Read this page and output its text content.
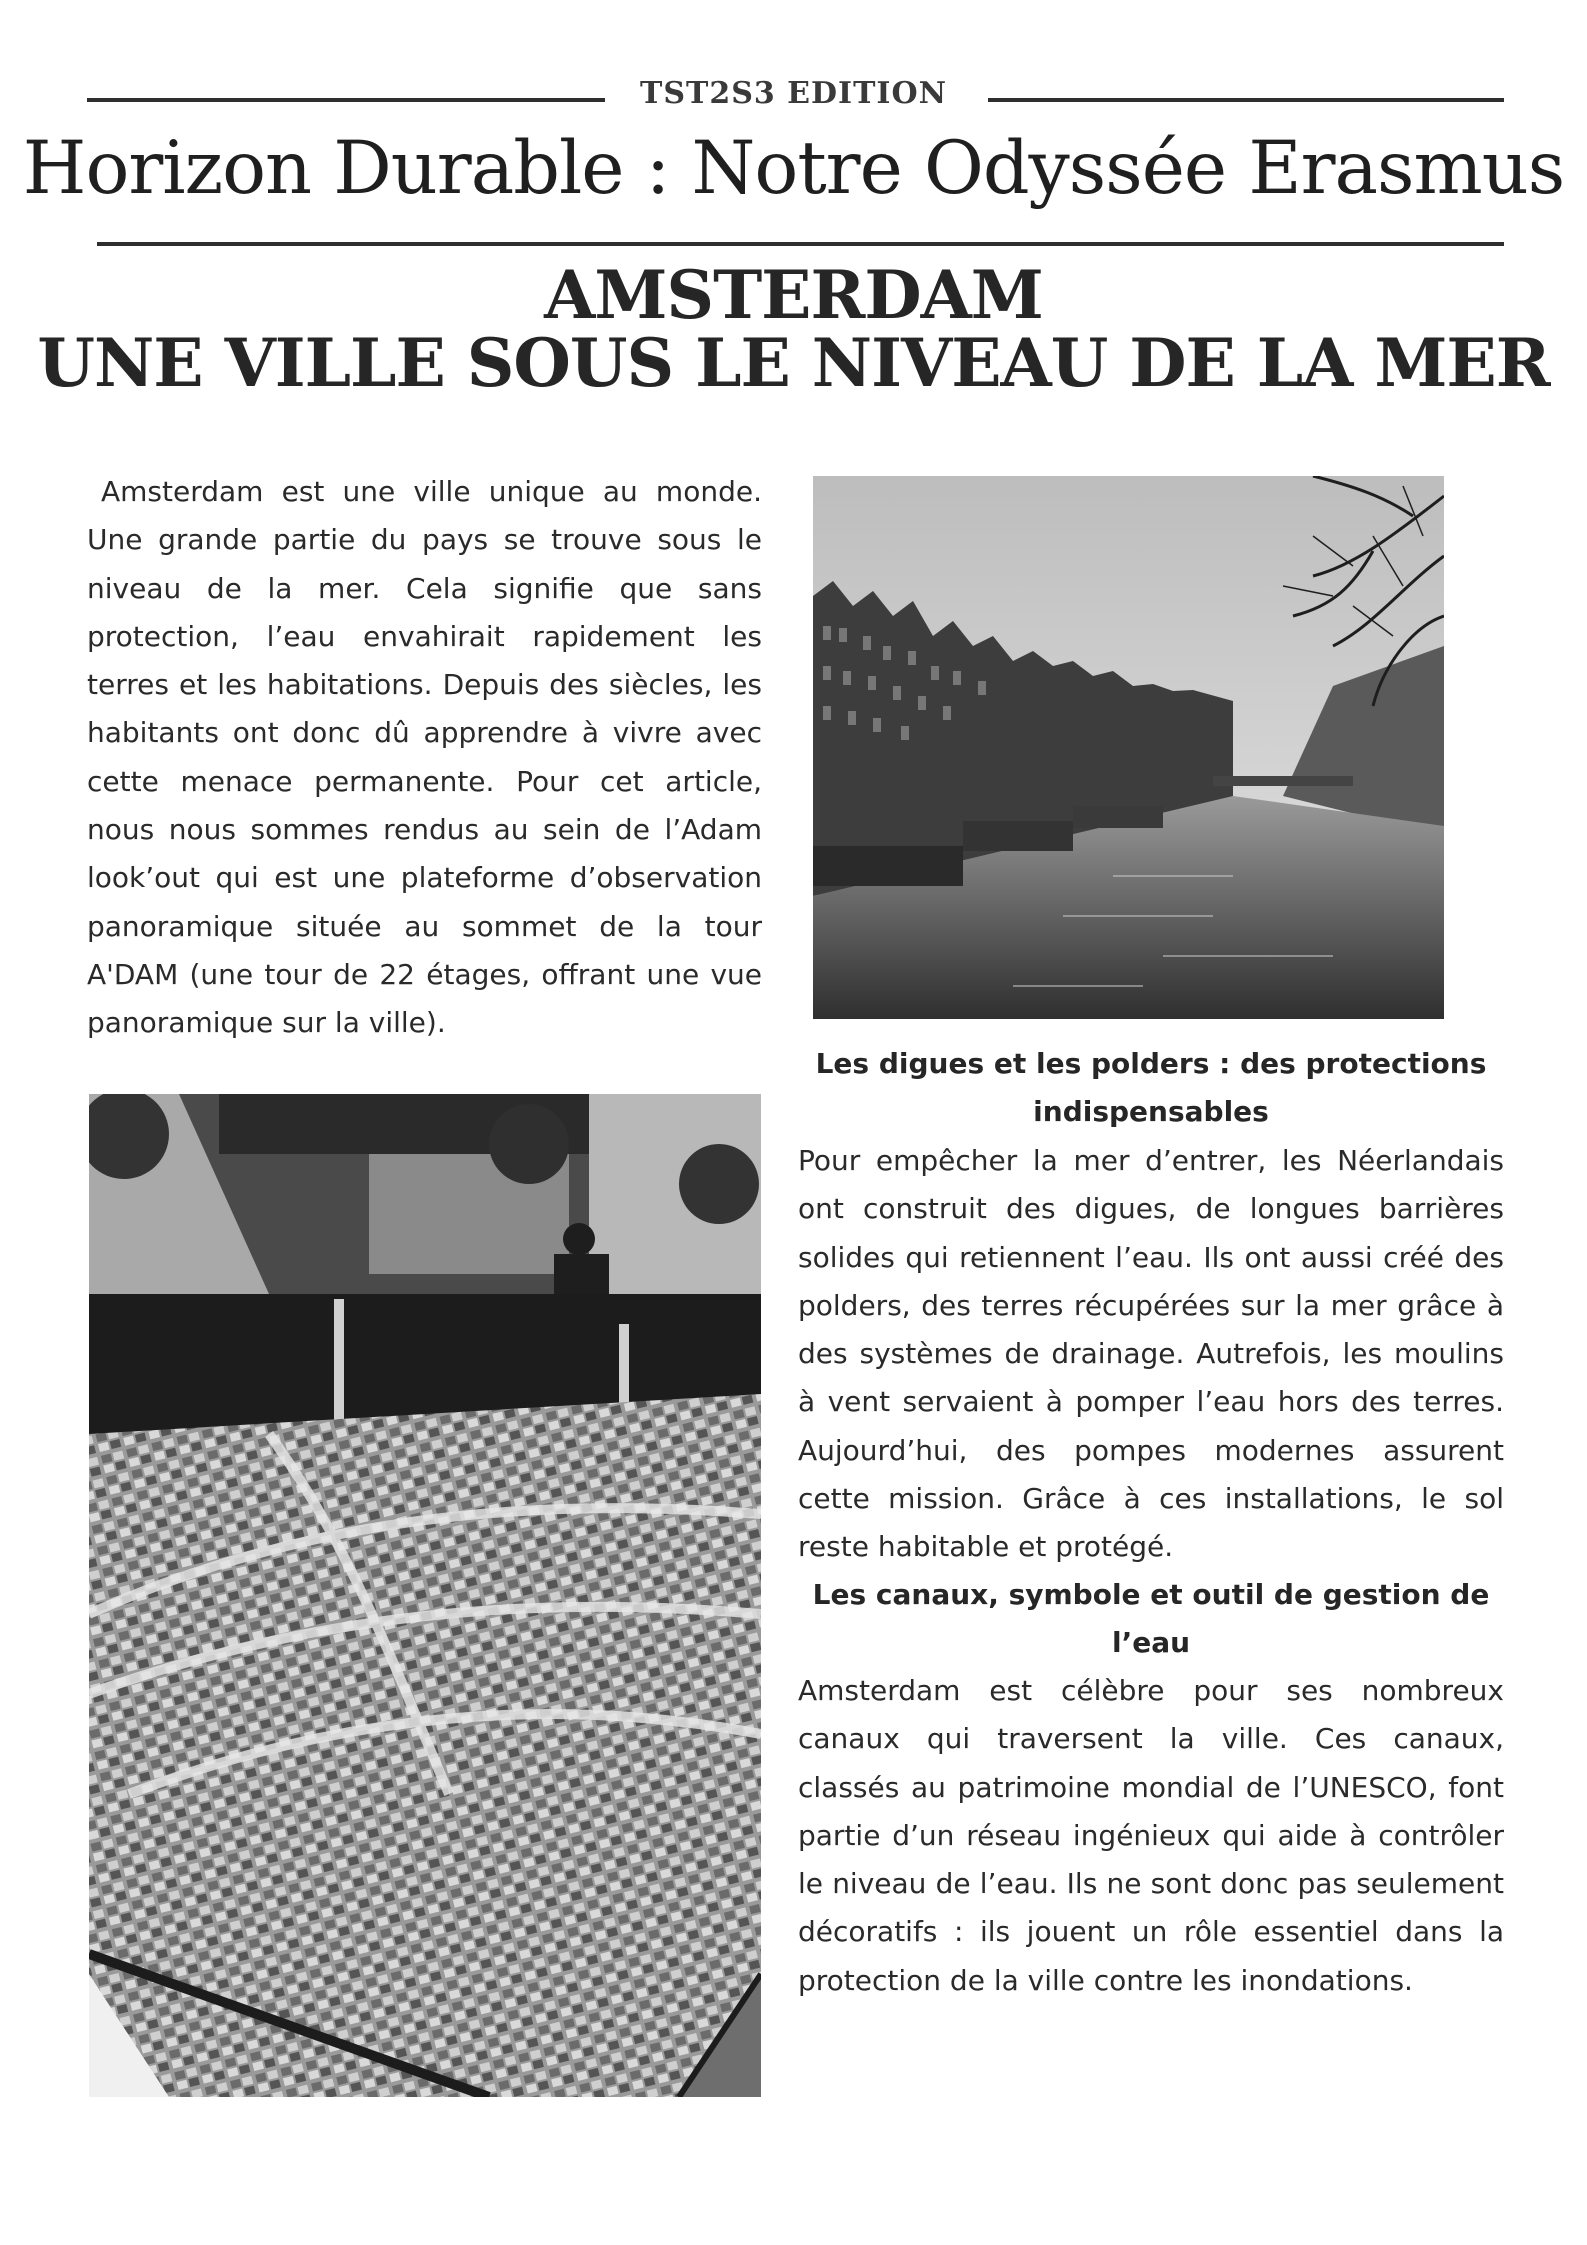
TST2S3 EDITION
Horizon Durable : Notre Odyssée Erasmus
AMSTERDAM
UNE VILLE SOUS LE NIVEAU DE LA MER
Amsterdam est une ville unique au monde. Une grande partie du pays se trouve sous le niveau de la mer. Cela signifie que sans protection, l’eau envahirait rapidement les terres et les habitations. Depuis des siècles, les habitants ont donc dû apprendre à vivre avec cette menace permanente. Pour cet article, nous nous sommes rendus au sein de l’Adam look’out qui est une plateforme d’observation panoramique située au sommet de la tour A'DAM (une tour de 22 étages, offrant une vue panoramique sur la ville).
Les digues et les polders : des protections indispensables
Pour empêcher la mer d’entrer, les Néerlandais ont construit des digues, de longues barrières solides qui retiennent l’eau. Ils ont aussi créé des polders, des terres récupérées sur la mer grâce à des systèmes de drainage. Autrefois, les moulins à vent servaient à pomper l’eau hors des terres. Aujourd’hui, des pompes modernes assurent cette mission. Grâce à ces installations, le sol reste habitable et protégé.
Les canaux, symbole et outil de gestion de l’eau
Amsterdam est célèbre pour ses nombreux canaux qui traversent la ville. Ces canaux, classés au patrimoine mondial de l’UNESCO, font partie d’un réseau ingénieux qui aide à contrôler le niveau de l’eau. Ils ne sont donc pas seulement décoratifs : ils jouent un rôle essentiel dans la protection de la ville contre les inondations.
